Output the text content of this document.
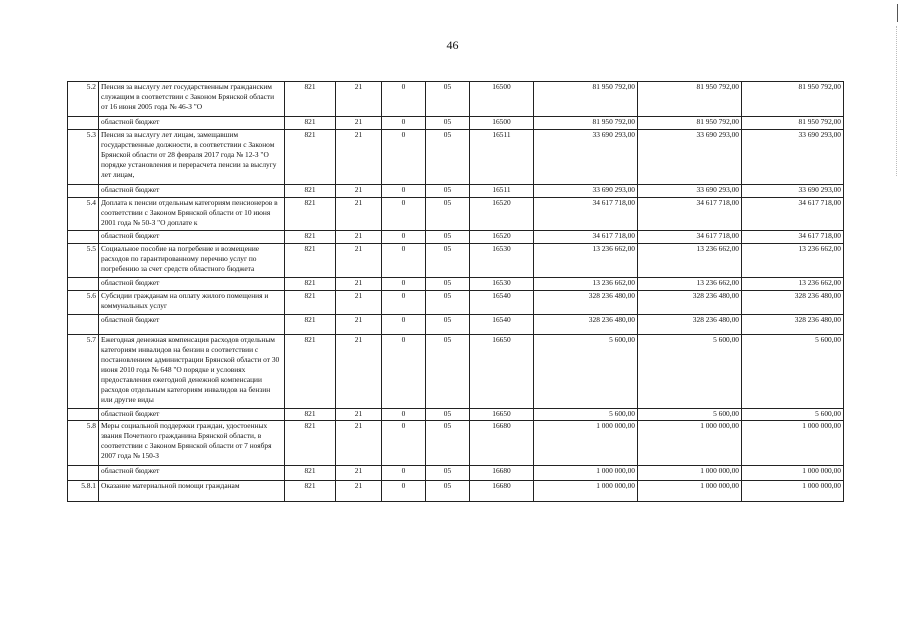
46
5.2	Пенсия за выслугу лет государственным гражданским служащим в соответствии с Законом Брянской области от 16 июня 2005 года № 46-З "О	821	21	0	05	16500	81 950 792,00	81 950 792,00	81 950 792,00
	областной бюджет	821	21	0	05	16500	81 950 792,00	81 950 792,00	81 950 792,00
5.3	Пенсия за выслугу лет лицам, замещавшим государственные должности, в соответствии с Законом Брянской области от 28 февраля 2017 года № 12-З "О порядке установления и перерасчета пенсии за выслугу лет лицам,	821	21	0	05	16511	33 690 293,00	33 690 293,00	33 690 293,00
	областной бюджет	821	21	0	05	16511	33 690 293,00	33 690 293,00	33 690 293,00
5.4	Доплата к пенсии отдельным категориям пенсионеров в соответствии с Законом Брянской области от 10 июня 2001 года № 50-З "О доплате к	821	21	0	05	16520	34 617 718,00	34 617 718,00	34 617 718,00
	областной бюджет	821	21	0	05	16520	34 617 718,00	34 617 718,00	34 617 718,00
5.5	Социальное пособие на погребение и возмещение расходов по гарантированному перечню услуг по погребению за счет средств областного бюджета	821	21	0	05	16530	13 236 662,00	13 236 662,00	13 236 662,00
	областной бюджет	821	21	0	05	16530	13 236 662,00	13 236 662,00	13 236 662,00
5.6	Субсидии гражданам на оплату жилого помещения и коммунальных услуг	821	21	0	05	16540	328 236 480,00	328 236 480,00	328 236 480,00
	областной бюджет	821	21	0	05	16540	328 236 480,00	328 236 480,00	328 236 480,00
5.7	Ежегодная денежная компенсация расходов отдельным категориям инвалидов на бензин в соответствии с постановлением администрации Брянской области от 30 июня 2010 года № 648 "О порядке и условиях предоставления ежегодной денежной компенсации расходов отдельным категориям инвалидов на бензин или другие виды	821	21	0	05	16650	5 600,00	5 600,00	5 600,00
	областной бюджет	821	21	0	05	16650	5 600,00	5 600,00	5 600,00
5.8	Меры социальной поддержки граждан, удостоенных звания Почетного гражданина Брянской области, в соответствии с Законом Брянской области от 7 ноября 2007 года № 150-З	821	21	0	05	16680	1 000 000,00	1 000 000,00	1 000 000,00
	областной бюджет	821	21	0	05	16680	1 000 000,00	1 000 000,00	1 000 000,00
5.8.1	Оказание материальной помощи гражданам	821	21	0	05	16680	1 000 000,00	1 000 000,00	1 000 000,00
